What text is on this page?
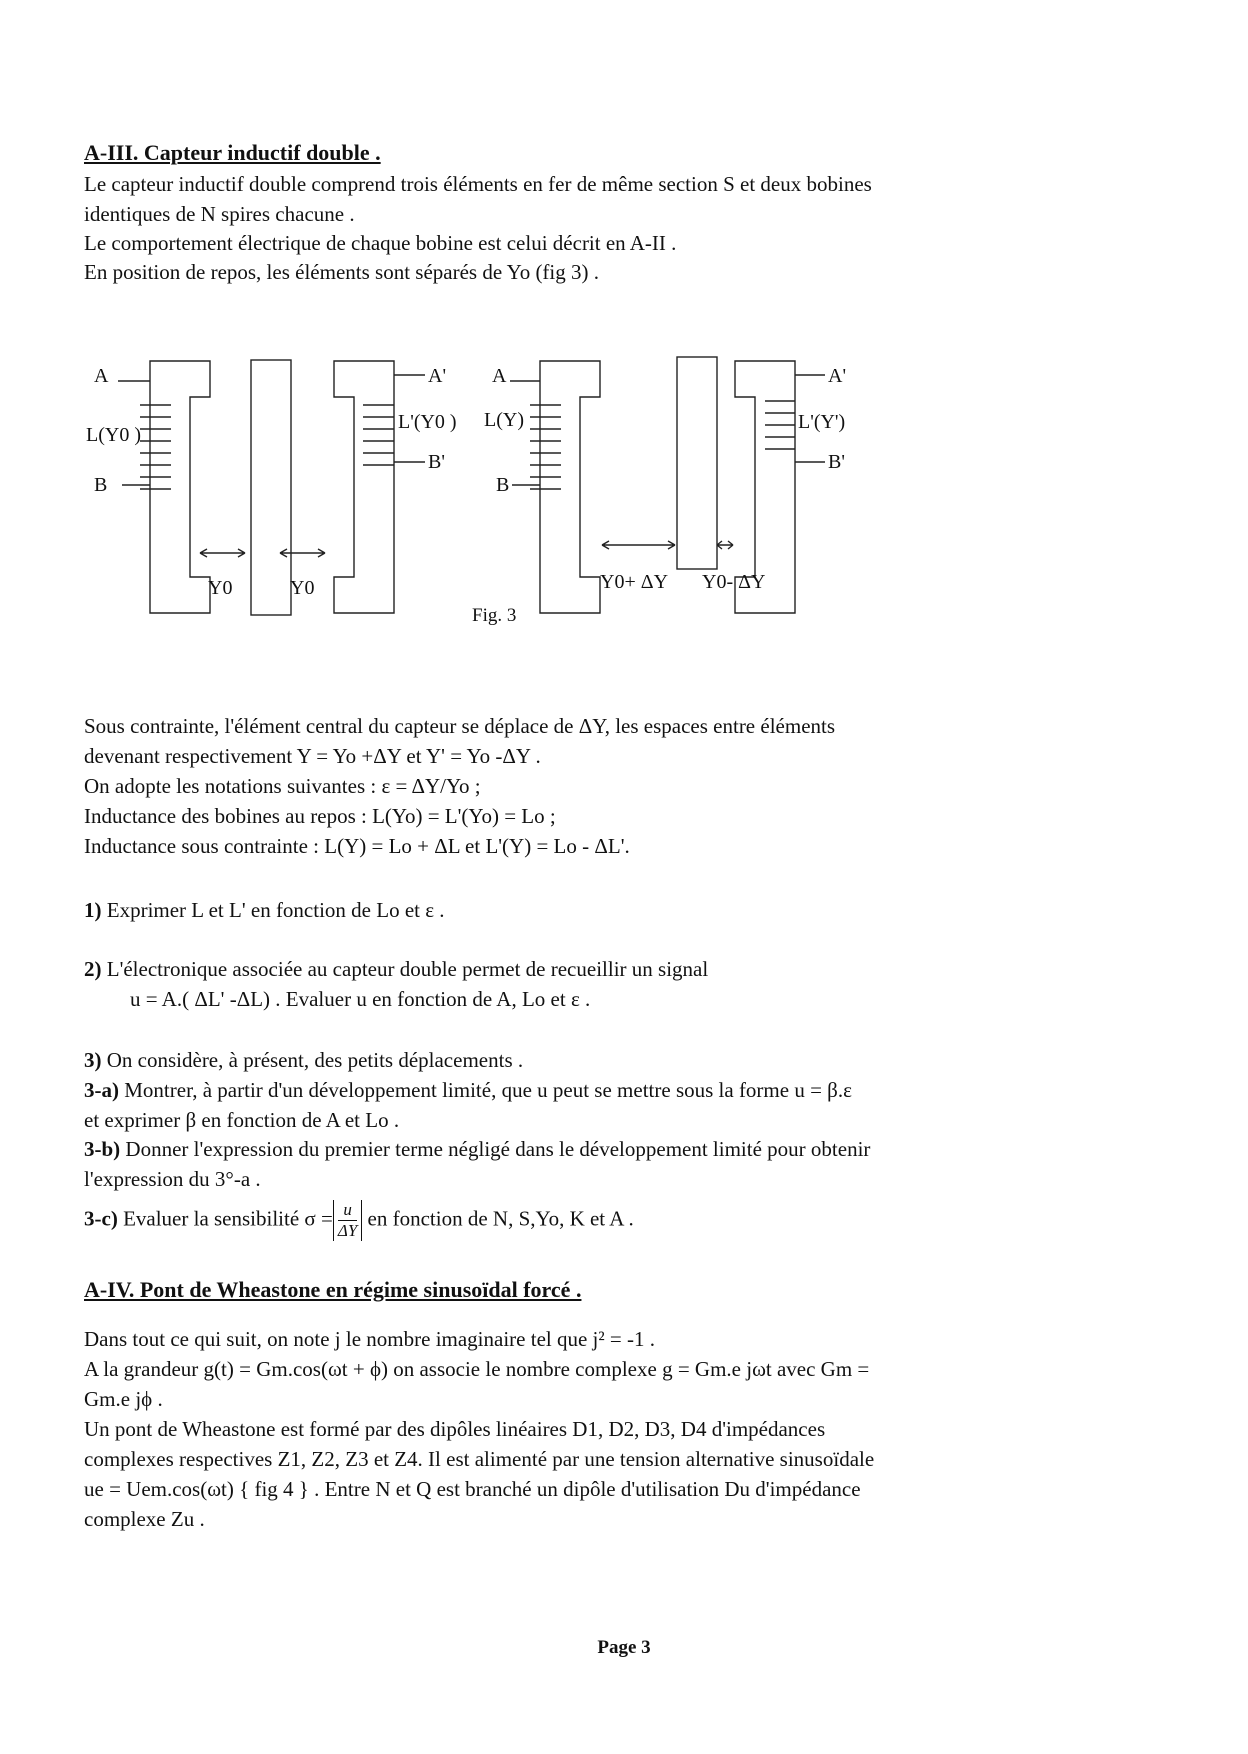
A-III. Capteur inductif double .
Le capteur inductif double comprend trois éléments en fer de même section S et deux bobines
identiques de N spires chacune .
Le comportement électrique de chaque bobine est celui décrit en A-II .
En position de repos, les éléments sont séparés de Yo (fig 3) .
A
B
A'
B'
L(Y0 )
L'(Y0 )
Y0	Y0
A
B
A'
B'
L(Y)	L'(Y')
Y0+ ΔY Y0- ΔY
Fig. 3
Sous contrainte, l'élément central du capteur se déplace de ΔY, les espaces entre éléments
devenant respectivement Y = Yo +ΔY et Y' = Yo -ΔY .
On adopte les notations suivantes : ε = ΔY/Yo ;
Inductance des bobines au repos : L(Yo) = L'(Yo) = Lo ;
Inductance sous contrainte : L(Y) = Lo + ΔL et L'(Y) = Lo - ΔL'.
1) Exprimer L et L' en fonction de Lo et ε .
2) L'électronique associée au capteur double permet de recueillir un signal
u = A.( ΔL' -ΔL) . Evaluer u en fonction de A, Lo et ε .
3) On considère, à présent, des petits déplacements .
3-a) Montrer, à partir d'un développement limité, que u peut se mettre sous la forme u = β.ε
et exprimer β en fonction de A et Lo .
3-b) Donner l'expression du premier terme négligé dans le développement limité pour obtenir
l'expression du 3°-a .
3-c) Evaluer la sensibilité $\sigma = \frac{u}{\Delta Y}$ en fonction de N, S,Yo, K et A .
A-IV. Pont de Wheastone en régime sinusoïdal forcé .
Dans tout ce qui suit, on note j le nombre imaginaire tel que j² = -1 .
A la grandeur g(t) = Gm.cos(ωt + ϕ) on associe le nombre complexe g = Gm.e jωt avec Gm =
Gm.e jϕ .
Un pont de Wheastone est formé par des dipôles linéaires D1, D2, D3, D4 d'impédances
complexes respectives Z1, Z2, Z3 et Z4. Il est alimenté par une tension alternative sinusoïdale
ue = Uem.cos(ωt) { fig 4 } . Entre N et Q est branché un dipôle d'utilisation Du d'impédance
complexe Zu .
Page 3
